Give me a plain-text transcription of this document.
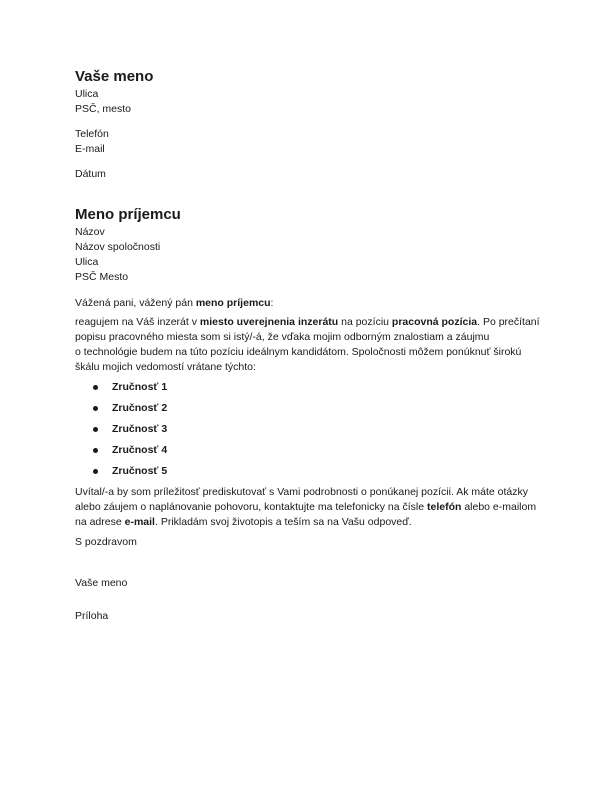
Vaše meno
Ulica
PSČ, mesto
Telefón
E-mail
Dátum
Meno príjemcu
Názov
Názov spoločnosti
Ulica
PSČ Mesto
Vážená pani, vážený pán meno príjemcu:
reagujem na Váš inzerát v miesto uverejnenia inzerátu na pozíciu pracovná pozícia. Po prečítaní
popisu pracovného miesta som si istý/-á, že vďaka mojim odborným znalostiam a záujmu
o technológie budem na túto pozíciu ideálnym kandidátom. Spoločnosti môžem ponúknuť širokú
škálu mojich vedomostí vrátane týchto:
Zručnosť 1
Zručnosť 2
Zručnosť 3
Zručnosť 4
Zručnosť 5
Uvítal/-a by som príležitosť prediskutovať s Vami podrobnosti o ponúkanej pozícii. Ak máte otázky
alebo záujem o naplánovanie pohovoru, kontaktujte ma telefonicky na čísle telefón alebo e-mailom
na adrese e-mail. Prikladám svoj životopis a teším sa na Vašu odpoveď.
S pozdravom
Vaše meno
Príloha
